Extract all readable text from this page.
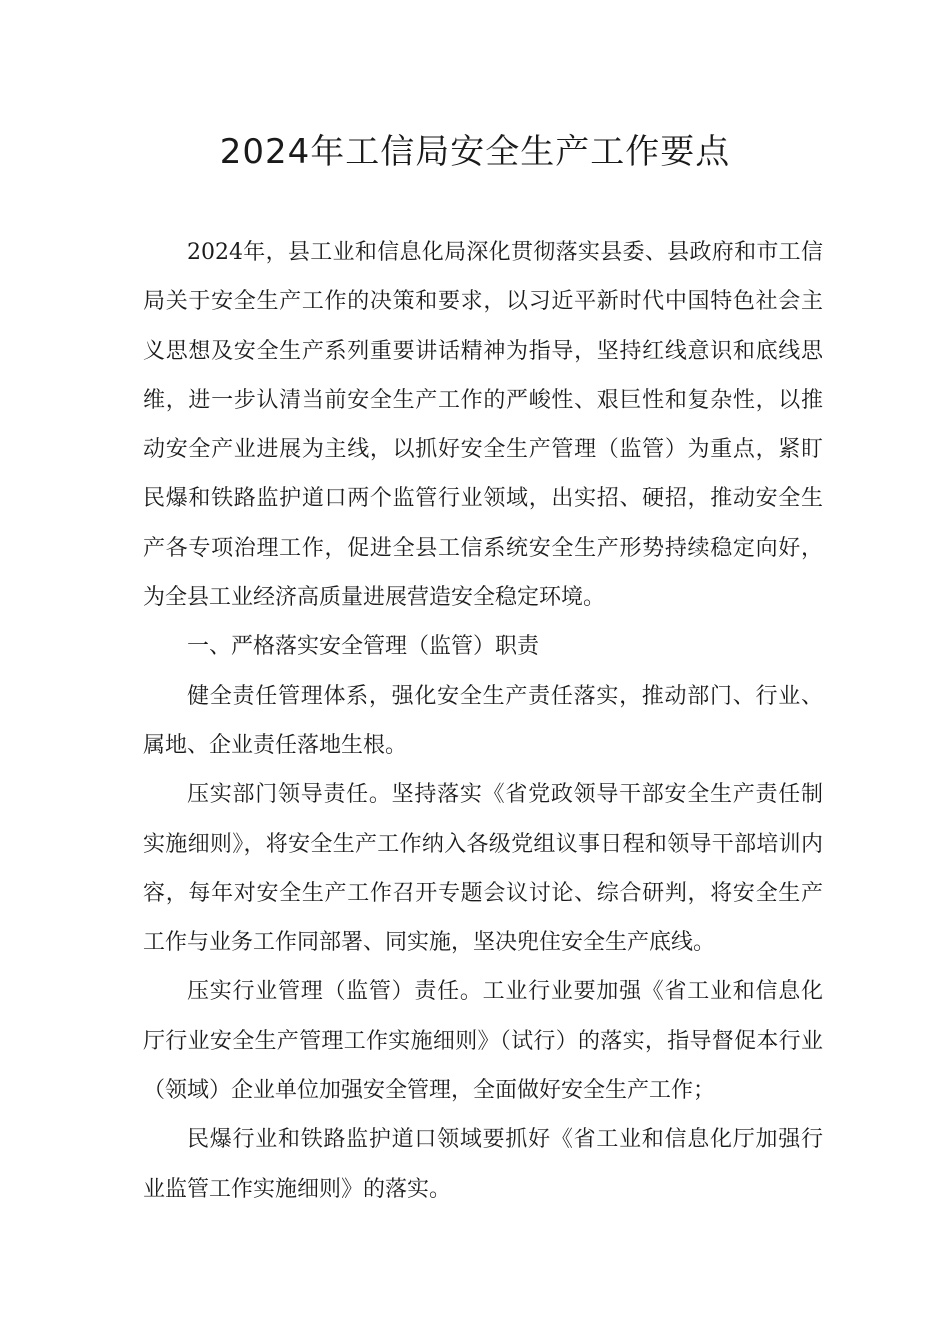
2024年工信局安全生产工作要点

2024年，县工业和信息化局深化贯彻落实县委、县政府和市工信局关于安全生产工作的决策和要求，以习近平新时代中国特色社会主义思想及安全生产系列重要讲话精神为指导，坚持红线意识和底线思维，进一步认清当前安全生产工作的严峻性、艰巨性和复杂性，以推动安全产业进展为主线，以抓好安全生产管理（监管）为重点，紧盯民爆和铁路监护道口两个监管行业领域，出实招、硬招，推动安全生产各专项治理工作，促进全县工信系统安全生产形势持续稳定向好，为全县工业经济高质量进展营造安全稳定环境。

一、严格落实安全管理（监管）职责

健全责任管理体系，强化安全生产责任落实，推动部门、行业、属地、企业责任落地生根。

压实部门领导责任。坚持落实《省党政领导干部安全生产责任制实施细则》，将安全生产工作纳入各级党组议事日程和领导干部培训内容，每年对安全生产工作召开专题会议讨论、综合研判，将安全生产工作与业务工作同部署、同实施，坚决兜住安全生产底线。

压实行业管理（监管）责任。工业行业要加强《省工业和信息化厅行业安全生产管理工作实施细则》（试行）的落实，指导督促本行业（领域）企业单位加强安全管理，全面做好安全生产工作；

民爆行业和铁路监护道口领域要抓好《省工业和信息化厅加强行业监管工作实施细则》的落实。
